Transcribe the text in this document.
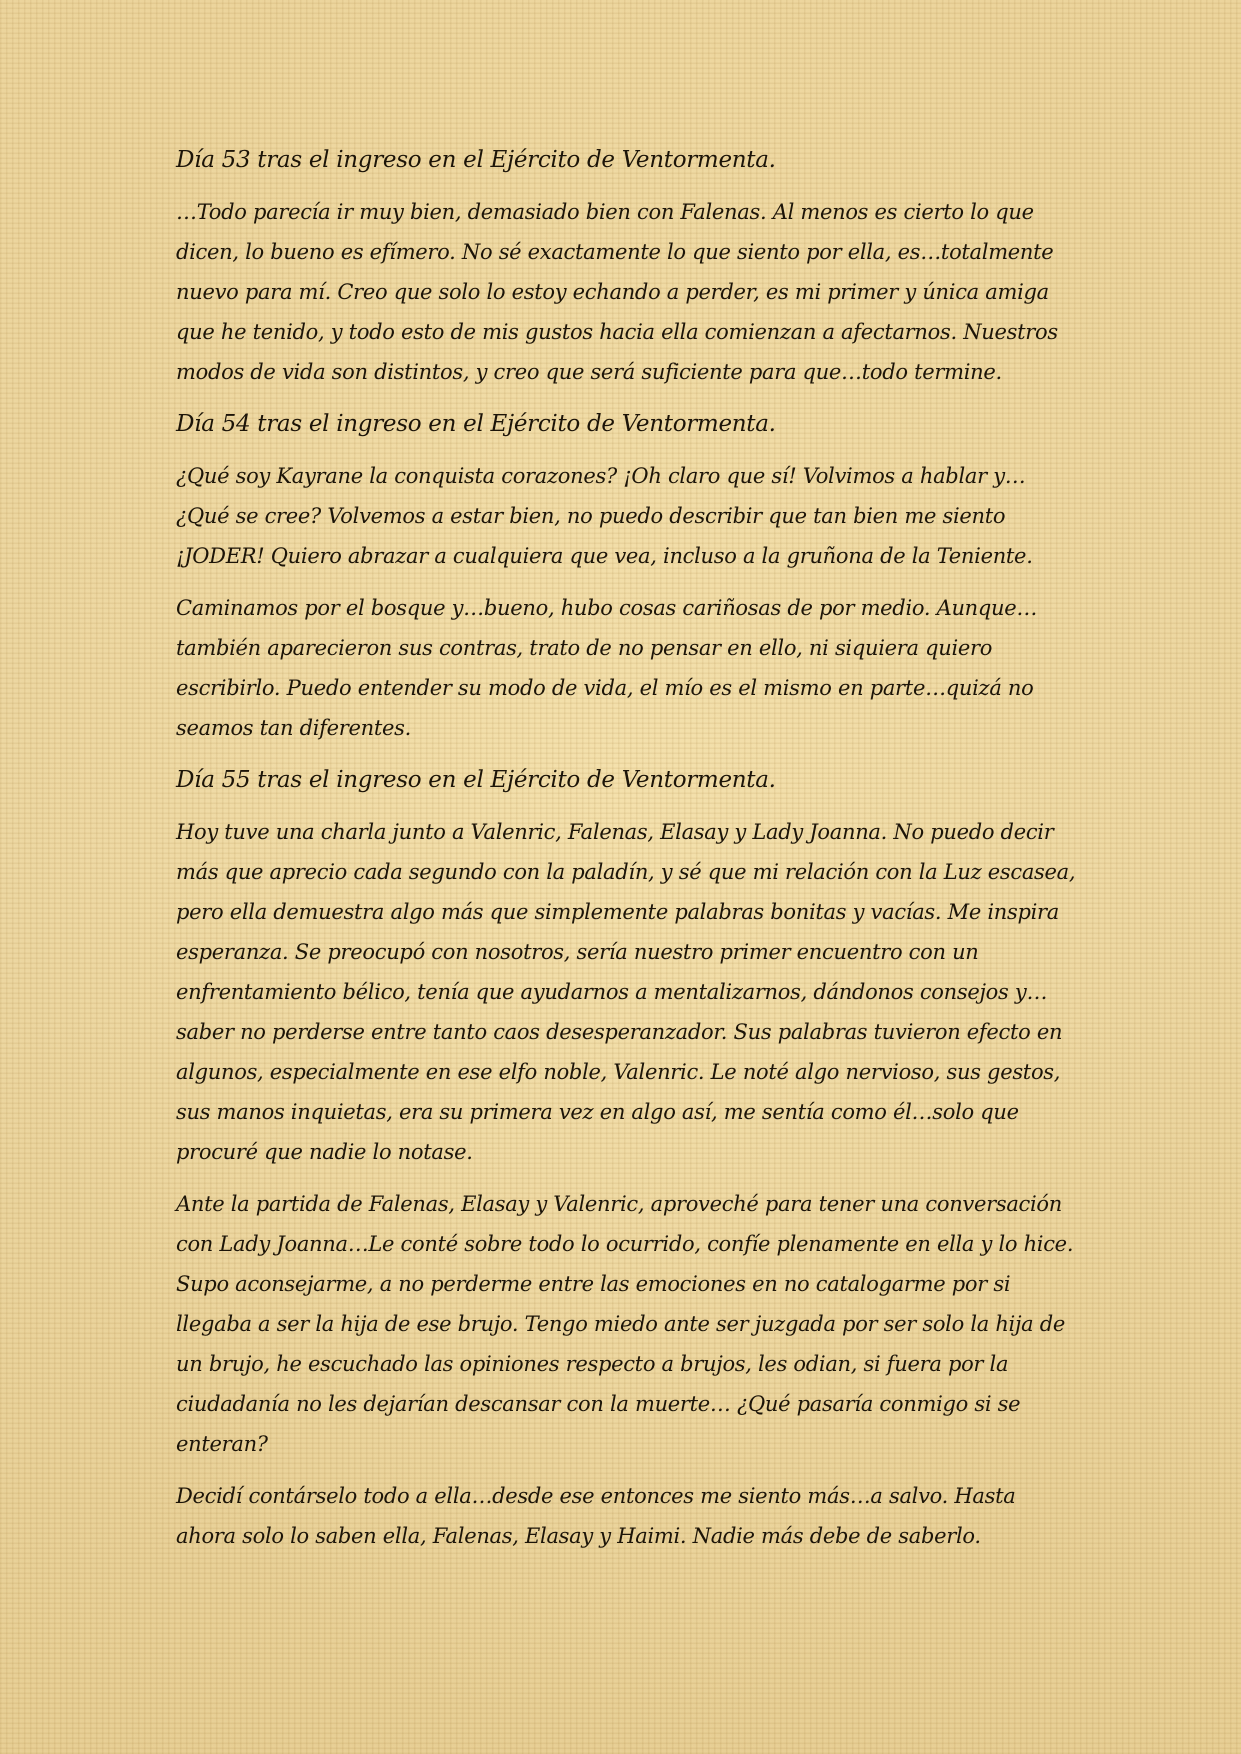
Día 53 tras el ingreso en el Ejército de Ventormenta.

…Todo parecía ir muy bien, demasiado bien con Falenas. Al menos es cierto lo que dicen, lo bueno es efímero. No sé exactamente lo que siento por ella, es…totalmente nuevo para mí. Creo que solo lo estoy echando a perder, es mi primer y única amiga que he tenido, y todo esto de mis gustos hacia ella comienzan a afectarnos. Nuestros modos de vida son distintos, y creo que será suficiente para que…todo termine.

Día 54 tras el ingreso en el Ejército de Ventormenta.

¿Qué soy Kayrane la conquista corazones? ¡Oh claro que sí! Volvimos a hablar y… ¿Qué se cree? Volvemos a estar bien, no puedo describir que tan bien me siento ¡JODER! Quiero abrazar a cualquiera que vea, incluso a la gruñona de la Teniente.

Caminamos por el bosque y…bueno, hubo cosas cariñosas de por medio. Aunque…también aparecieron sus contras, trato de no pensar en ello, ni siquiera quiero escribirlo. Puedo entender su modo de vida, el mío es el mismo en parte…quizá no seamos tan diferentes.

Día 55 tras el ingreso en el Ejército de Ventormenta.

Hoy tuve una charla junto a Valenric, Falenas, Elasay y Lady Joanna. No puedo decir más que aprecio cada segundo con la paladín, y sé que mi relación con la Luz escasea, pero ella demuestra algo más que simplemente palabras bonitas y vacías. Me inspira esperanza. Se preocupó con nosotros, sería nuestro primer encuentro con un enfrentamiento bélico, tenía que ayudarnos a mentalizarnos, dándonos consejos y…saber no perderse entre tanto caos desesperanzador. Sus palabras tuvieron efecto en algunos, especialmente en ese elfo noble, Valenric. Le noté algo nervioso, sus gestos, sus manos inquietas, era su primera vez en algo así, me sentía como él…solo que procuré que nadie lo notase.

Ante la partida de Falenas, Elasay y Valenric, aproveché para tener una conversación con Lady Joanna…Le conté sobre todo lo ocurrido, confíe plenamente en ella y lo hice. Supo aconsejarme, a no perderme entre las emociones en no catalogarme por si llegaba a ser la hija de ese brujo. Tengo miedo ante ser juzgada por ser solo la hija de un brujo, he escuchado las opiniones respecto a brujos, les odian, si fuera por la ciudadanía no les dejarían descansar con la muerte… ¿Qué pasaría conmigo si se enteran?

Decidí contárselo todo a ella…desde ese entonces me siento más…a salvo. Hasta ahora solo lo saben ella, Falenas, Elasay y Haimi. Nadie más debe de saberlo.
